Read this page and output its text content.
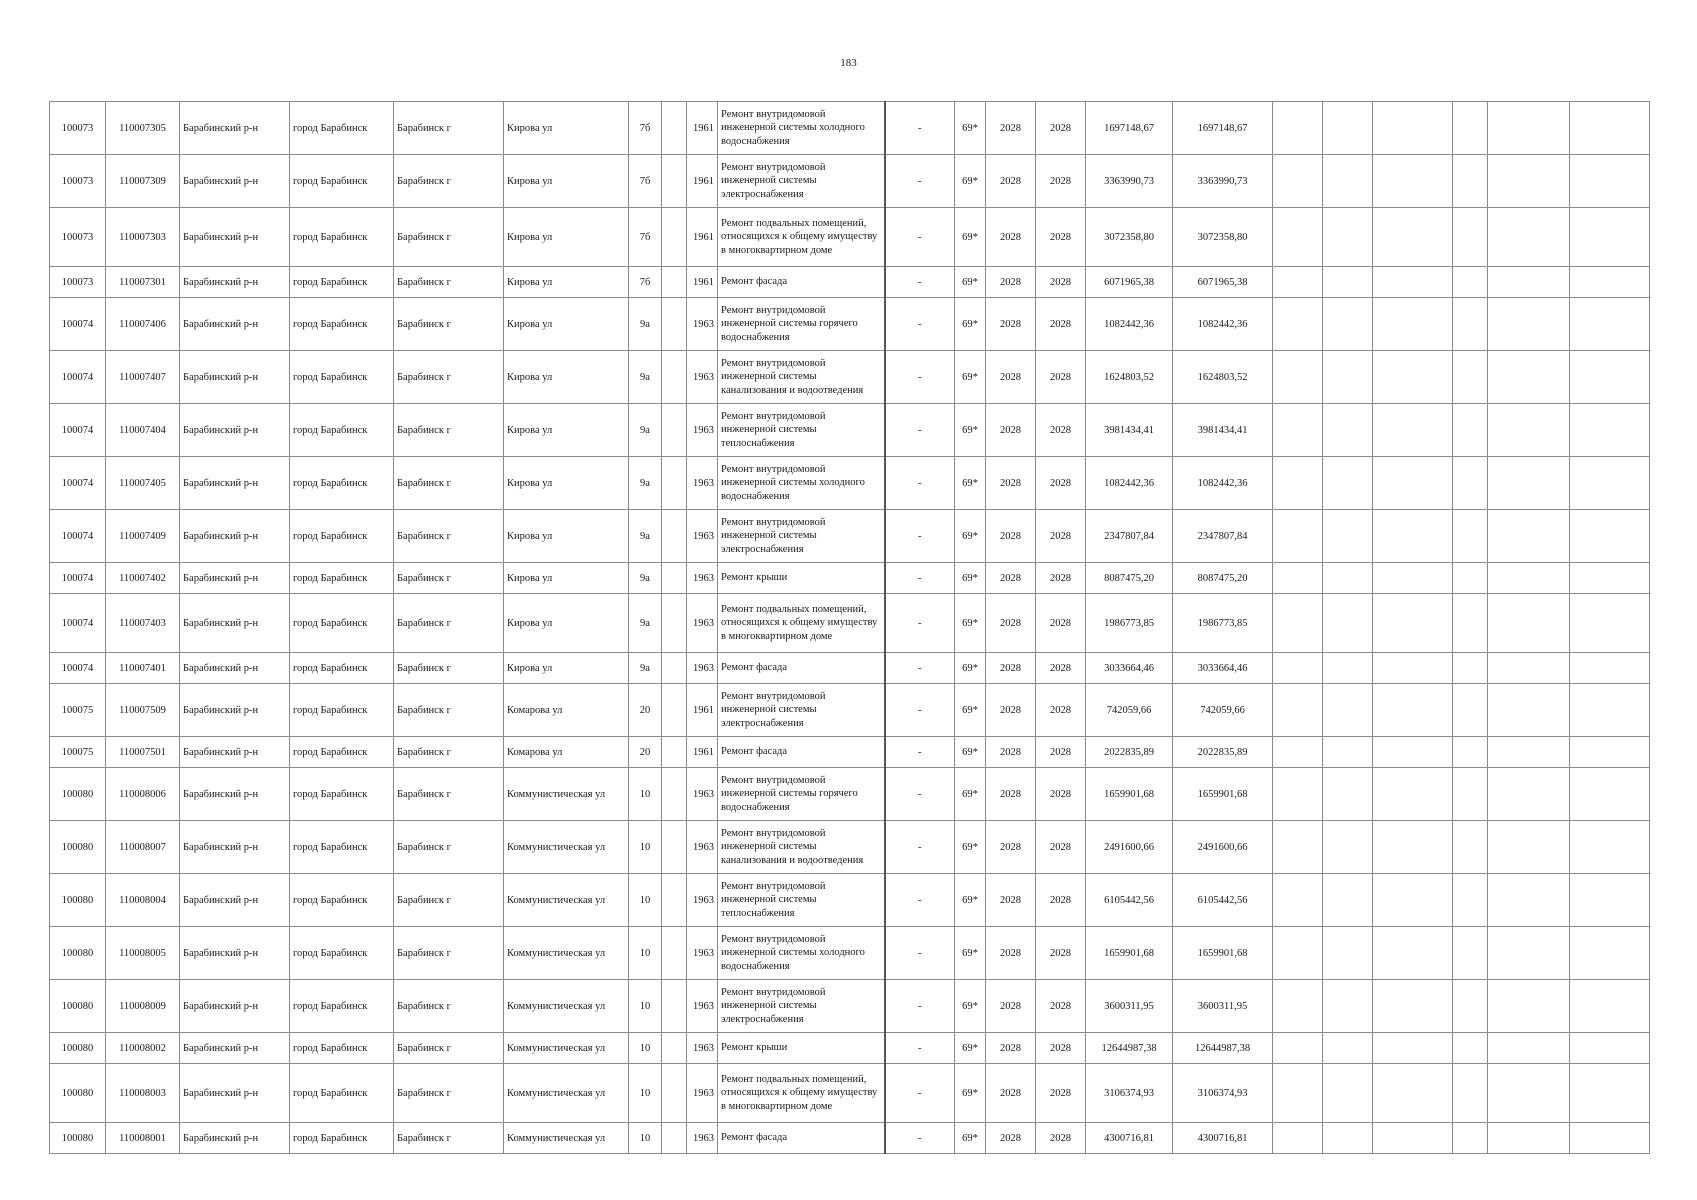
183
100073	110007305	Барабинский р-н	город Барабинск	Барабинск г	Кирова ул	7б		1961	Ремонт внутридомовой инженерной системы холодного водоснабжения	-	69*	2028	2028	1697148,67	1697148,67						
100073	110007309	Барабинский р-н	город Барабинск	Барабинск г	Кирова ул	7б		1961	Ремонт внутридомовой инженерной системы электроснабжения	-	69*	2028	2028	3363990,73	3363990,73						
100073	110007303	Барабинский р-н	город Барабинск	Барабинск г	Кирова ул	7б		1961	Ремонт подвальных помещений, относящихся к общему имуществу в многоквартирном доме	-	69*	2028	2028	3072358,80	3072358,80						
100073	110007301	Барабинский р-н	город Барабинск	Барабинск г	Кирова ул	7б		1961	Ремонт фасада	-	69*	2028	2028	6071965,38	6071965,38						
100074	110007406	Барабинский р-н	город Барабинск	Барабинск г	Кирова ул	9а		1963	Ремонт внутридомовой инженерной системы горячего водоснабжения	-	69*	2028	2028	1082442,36	1082442,36						
100074	110007407	Барабинский р-н	город Барабинск	Барабинск г	Кирова ул	9а		1963	Ремонт внутридомовой инженерной системы канализования и водоотведения	-	69*	2028	2028	1624803,52	1624803,52						
100074	110007404	Барабинский р-н	город Барабинск	Барабинск г	Кирова ул	9а		1963	Ремонт внутридомовой инженерной системы теплоснабжения	-	69*	2028	2028	3981434,41	3981434,41						
100074	110007405	Барабинский р-н	город Барабинск	Барабинск г	Кирова ул	9а		1963	Ремонт внутридомовой инженерной системы холодного водоснабжения	-	69*	2028	2028	1082442,36	1082442,36						
100074	110007409	Барабинский р-н	город Барабинск	Барабинск г	Кирова ул	9а		1963	Ремонт внутридомовой инженерной системы электроснабжения	-	69*	2028	2028	2347807,84	2347807,84						
100074	110007402	Барабинский р-н	город Барабинск	Барабинск г	Кирова ул	9а		1963	Ремонт крыши	-	69*	2028	2028	8087475,20	8087475,20						
100074	110007403	Барабинский р-н	город Барабинск	Барабинск г	Кирова ул	9а		1963	Ремонт подвальных помещений, относящихся к общему имуществу в многоквартирном доме	-	69*	2028	2028	1986773,85	1986773,85						
100074	110007401	Барабинский р-н	город Барабинск	Барабинск г	Кирова ул	9а		1963	Ремонт фасада	-	69*	2028	2028	3033664,46	3033664,46						
100075	110007509	Барабинский р-н	город Барабинск	Барабинск г	Комарова ул	20		1961	Ремонт внутридомовой инженерной системы электроснабжения	-	69*	2028	2028	742059,66	742059,66						
100075	110007501	Барабинский р-н	город Барабинск	Барабинск г	Комарова ул	20		1961	Ремонт фасада	-	69*	2028	2028	2022835,89	2022835,89						
100080	110008006	Барабинский р-н	город Барабинск	Барабинск г	Коммунистическая ул	10		1963	Ремонт внутридомовой инженерной системы горячего водоснабжения	-	69*	2028	2028	1659901,68	1659901,68						
100080	110008007	Барабинский р-н	город Барабинск	Барабинск г	Коммунистическая ул	10		1963	Ремонт внутридомовой инженерной системы канализования и водоотведения	-	69*	2028	2028	2491600,66	2491600,66						
100080	110008004	Барабинский р-н	город Барабинск	Барабинск г	Коммунистическая ул	10		1963	Ремонт внутридомовой инженерной системы теплоснабжения	-	69*	2028	2028	6105442,56	6105442,56						
100080	110008005	Барабинский р-н	город Барабинск	Барабинск г	Коммунистическая ул	10		1963	Ремонт внутридомовой инженерной системы холодного водоснабжения	-	69*	2028	2028	1659901,68	1659901,68						
100080	110008009	Барабинский р-н	город Барабинск	Барабинск г	Коммунистическая ул	10		1963	Ремонт внутридомовой инженерной системы электроснабжения	-	69*	2028	2028	3600311,95	3600311,95						
100080	110008002	Барабинский р-н	город Барабинск	Барабинск г	Коммунистическая ул	10		1963	Ремонт крыши	-	69*	2028	2028	12644987,38	12644987,38						
100080	110008003	Барабинский р-н	город Барабинск	Барабинск г	Коммунистическая ул	10		1963	Ремонт подвальных помещений, относящихся к общему имуществу в многоквартирном доме	-	69*	2028	2028	3106374,93	3106374,93						
100080	110008001	Барабинский р-н	город Барабинск	Барабинск г	Коммунистическая ул	10		1963	Ремонт фасада	-	69*	2028	2028	4300716,81	4300716,81						
